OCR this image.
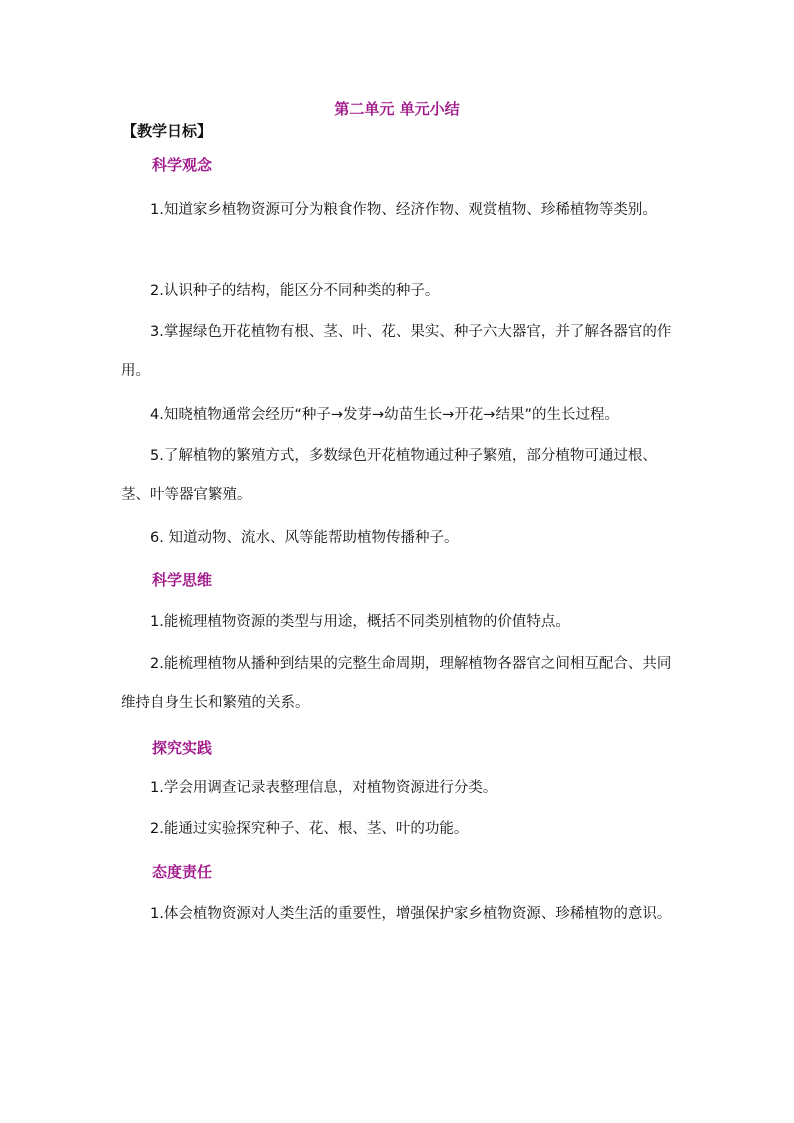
第二单元 单元小结
【教学日标】
科学观念

1.知道家乡植物资源可分为粮食作物、经济作物、观赏植物、珍稀植物等类别。

2.认识种子的结构，能区分不同种类的种子。

3.掌握绿色开花植物有根、茎、叶、花、果实、种子六大器官，并了解各器官的作用。

4.知晓植物通常会经历“种子→发芽→幼苗生长→开花→结果”的生长过程。

5.了解植物的繁殖方式，多数绿色开花植物通过种子繁殖，部分植物可通过根、茎、叶等器官繁殖。

6. 知道动物、流水、风等能帮助植物传播种子。

科学思维

1.能梳理植物资源的类型与用途，概括不同类别植物的价值特点。

2.能梳理植物从播种到结果的完整生命周期，理解植物各器官之间相互配合、共同维持自身生长和繁殖的关系。

探究实践

1.学会用调查记录表整理信息，对植物资源进行分类。

2.能通过实验探究种子、花、根、茎、叶的功能。

态度责任

1.体会植物资源对人类生活的重要性，增强保护家乡植物资源、珍稀植物的意识。
